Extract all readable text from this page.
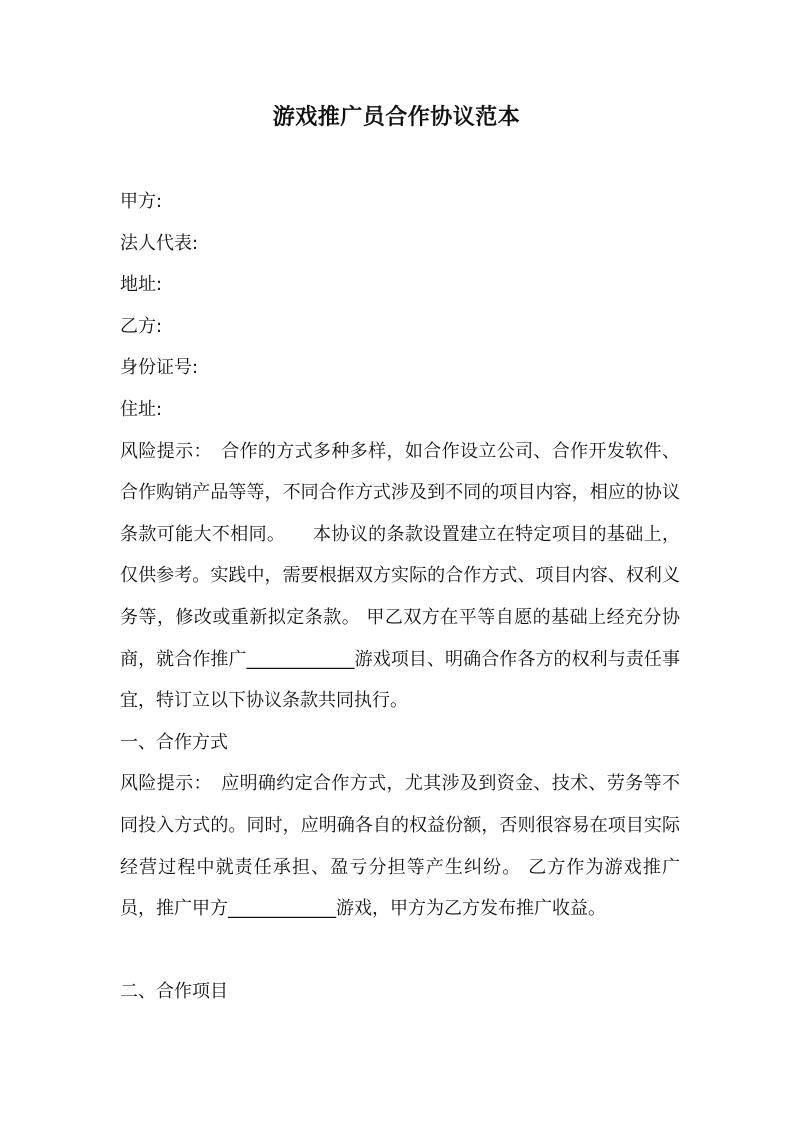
游戏推广员合作协议范本

甲方:

法人代表:

地址:

乙方:

身份证号:

住址:

风险提示：　合作的方式多种多样，如合作设立公司、合作开发软件、合作购销产品等等，不同合作方式涉及到不同的项目内容，相应的协议条款可能大不相同。　　本协议的条款设置建立在特定项目的基础上，仅供参考。实践中，需要根据双方实际的合作方式、项目内容、权利义务等，修改或重新拟定条款。 甲乙双方在平等自愿的基础上经充分协商，就合作推广____________游戏项目、明确合作各方的权利与责任事宜，特订立以下协议条款共同执行。

一、合作方式

风险提示：　应明确约定合作方式，尤其涉及到资金、技术、劳务等不同投入方式的。同时，应明确各自的权益份额，否则很容易在项目实际经营过程中就责任承担、盈亏分担等产生纠纷。 乙方作为游戏推广员，推广甲方____________游戏，甲方为乙方发布推广收益。

二、合作项目
